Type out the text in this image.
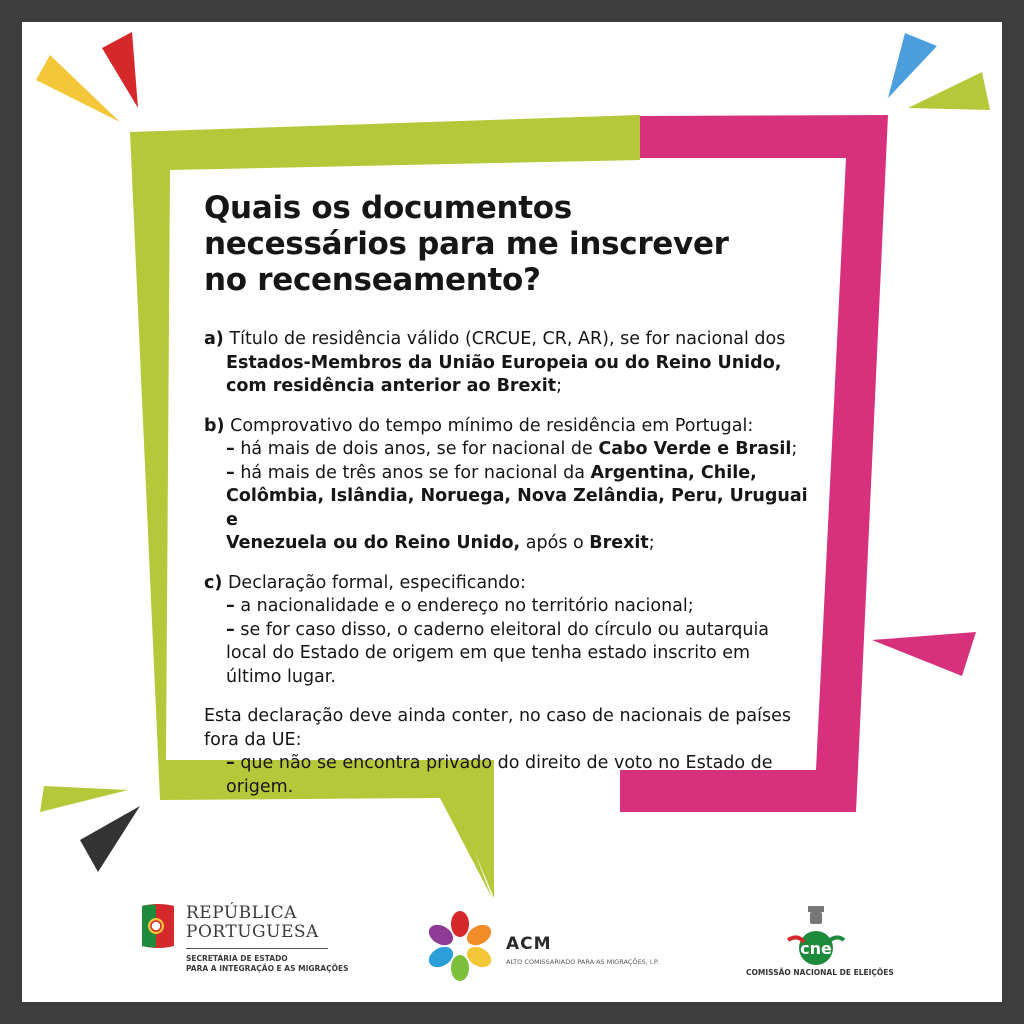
Quais os documentos
necessários para me inscrever
no recenseamento?
a) Título de residência válido (CRCUE, CR, AR), se for nacional dos
Estados-Membros da União Europeia ou do Reino Unido,
com residência anterior ao Brexit;
b) Comprovativo do tempo mínimo de residência em Portugal:
– há mais de dois anos, se for nacional de Cabo Verde e Brasil;
– há mais de três anos se for nacional da Argentina, Chile,
Colômbia, Islândia, Noruega, Nova Zelândia, Peru, Uruguai e
Venezuela ou do Reino Unido, após o Brexit;
c) Declaração formal, especificando:
– a nacionalidade e o endereço no território nacional;
– se for caso disso, o caderno eleitoral do círculo ou autarquia
local do Estado de origem em que tenha estado inscrito em
último lugar.
Esta declaração deve ainda conter, no caso de nacionais de países
fora da UE:
– que não se encontra privado do direito de voto no Estado de
origem.
REPÚBLICA
PORTUGUESA
SECRETÁRIA DE ESTADO
PARA A INTEGRAÇÃO E AS MIGRAÇÕES
ACM
ALTO COMISSARIADO PARA AS MIGRAÇÕES, I.P.
cne
COMISSÃO NACIONAL DE ELEIÇÕES
